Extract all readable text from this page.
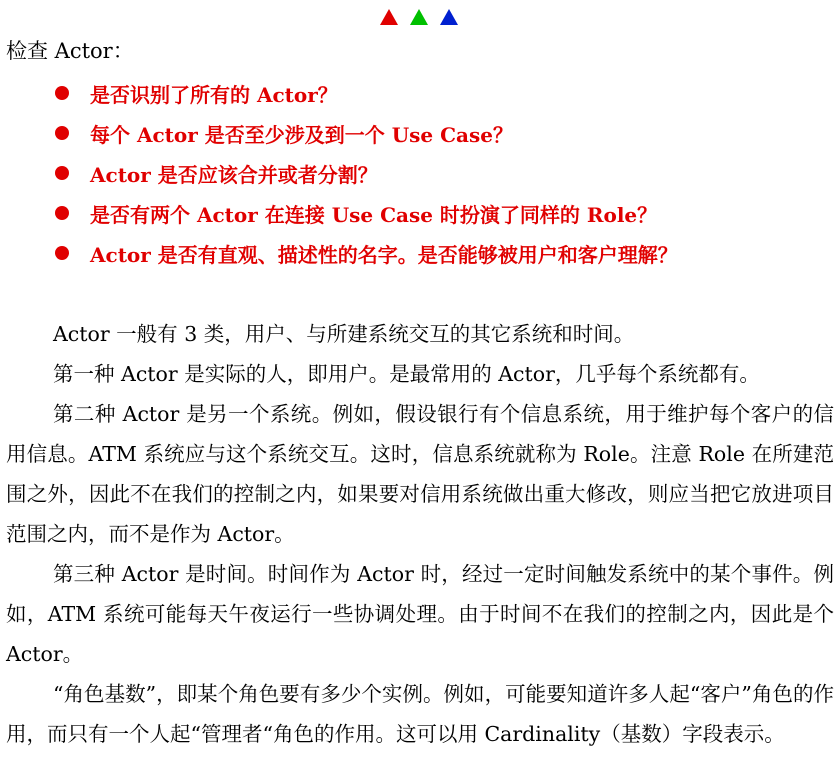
检查 Actor：
是否识别了所有的 Actor？
每个 Actor 是否至少涉及到一个 Use Case？
Actor 是否应该合并或者分割？
是否有两个 Actor 在连接 Use Case 时扮演了同样的 Role？
Actor 是否有直观、描述性的名字。是否能够被用户和客户理解？

Actor 一般有 3 类，用户、与所建系统交互的其它系统和时间。

第一种 Actor 是实际的人，即用户。是最常用的 Actor，几乎每个系统都有。

第二种 Actor 是另一个系统。例如，假设银行有个信息系统，用于维护每个客户的信用信息。ATM 系统应与这个系统交互。这时，信息系统就称为 Role。注意 Role 在所建范围之外，因此不在我们的控制之内，如果要对信用系统做出重大修改，则应当把它放进项目范围之内，而不是作为 Actor。

第三种 Actor 是时间。时间作为 Actor 时，经过一定时间触发系统中的某个事件。例如，ATM 系统可能每天午夜运行一些协调处理。由于时间不在我们的控制之内，因此是个 Actor。

“角色基数”，即某个角色要有多少个实例。例如，可能要知道许多人起“客户”角色的作用，而只有一个人起“管理者“角色的作用。这可以用 Cardinality（基数）字段表示。
